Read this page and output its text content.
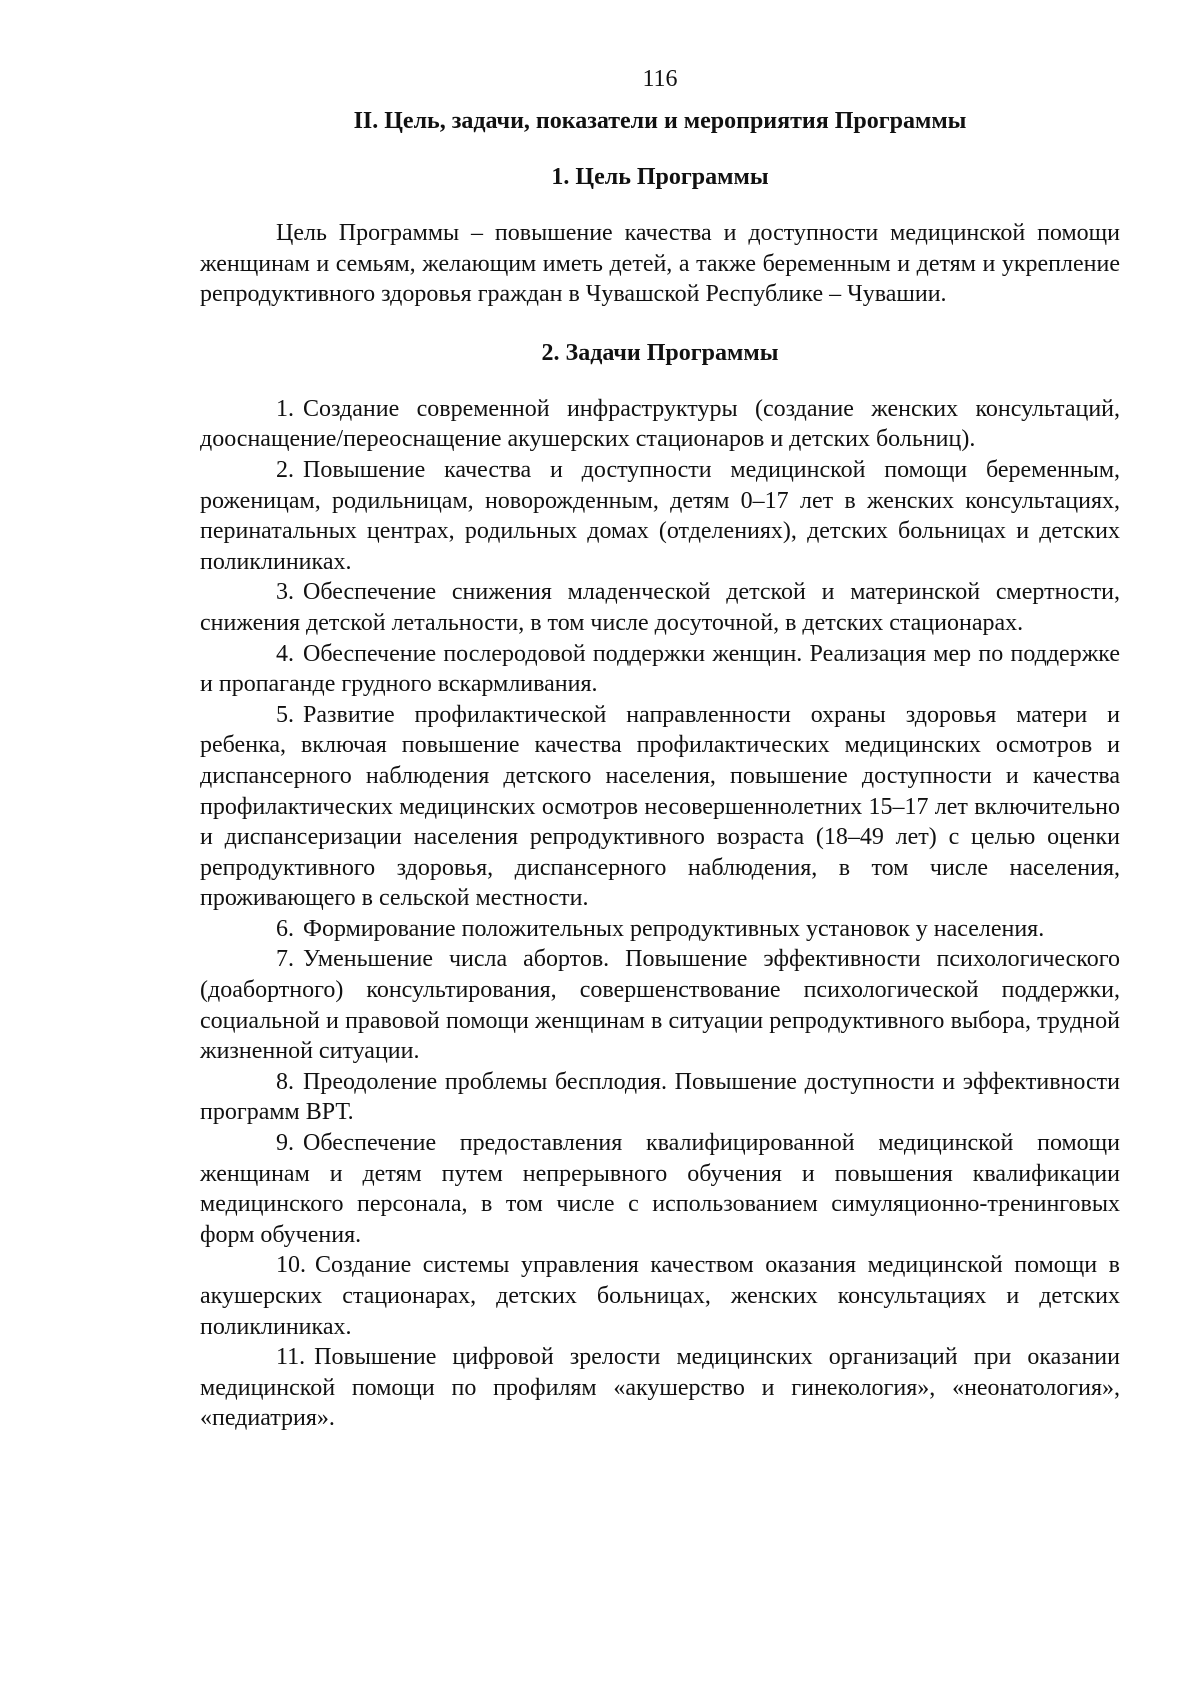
116
II. Цель, задачи, показатели и мероприятия Программы
1. Цель Программы

Цель Программы – повышение качества и доступности медицинской помощи женщинам и семьям, желающим иметь детей, а также беременным и детям и укрепление репродуктивного здоровья граждан в Чувашской Республике – Чувашии.

2. Задачи Программы

1. Создание современной инфраструктуры (создание женских консультаций, дооснащение/переоснащение акушерских стационаров и детских больниц).

2. Повышение качества и доступности медицинской помощи беременным, роженицам, родильницам, новорожденным, детям 0–17 лет в женских консультациях, перинатальных центрах, родильных домах (отделениях), детских больницах и детских поликлиниках.

3. Обеспечение снижения младенческой детской и материнской смертности, снижения детской летальности, в том числе досуточной, в детских стационарах.

4. Обеспечение послеродовой поддержки женщин. Реализация мер по поддержке и пропаганде грудного вскармливания.

5. Развитие профилактической направленности охраны здоровья матери и ребенка, включая повышение качества профилактических медицинских осмотров и диспансерного наблюдения детского населения, повышение доступности и качества профилактических медицинских осмотров несовершеннолетних 15–17 лет включительно и диспансеризации населения репродуктивного возраста (18–49 лет) с целью оценки репродуктивного здоровья, диспансерного наблюдения, в том числе населения, проживающего в сельской местности.

6. Формирование положительных репродуктивных установок у населения.

7. Уменьшение числа абортов. Повышение эффективности психологического (доабортного) консультирования, совершенствование психологической поддержки, социальной и правовой помощи женщинам в ситуации репродуктивного выбора, трудной жизненной ситуации.

8. Преодоление проблемы бесплодия. Повышение доступности и эффективности программ ВРТ.

9. Обеспечение предоставления квалифицированной медицинской помощи женщинам и детям путем непрерывного обучения и повышения квалификации медицинского персонала, в том числе с использованием симуляционно-тренинговых форм обучения.

10. Создание системы управления качеством оказания медицинской помощи в акушерских стационарах, детских больницах, женских консультациях и детских поликлиниках.

11. Повышение цифровой зрелости медицинских организаций при оказании медицинской помощи по профилям «акушерство и гинекология», «неонатология», «педиатрия».
